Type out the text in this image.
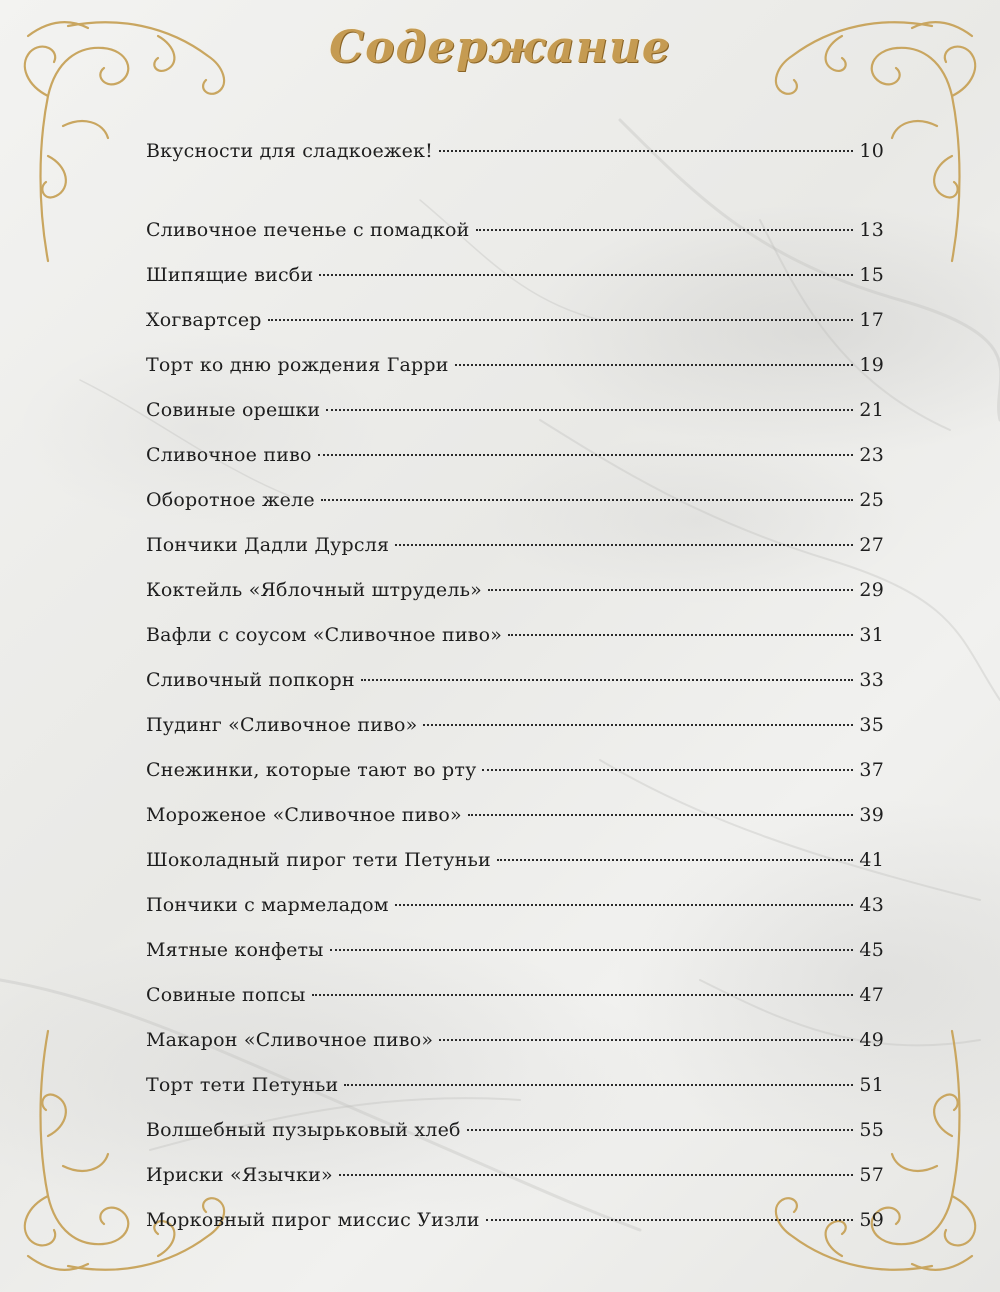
Содержание
Вкусности для сладкоежек!	10
Сливочное печенье с помадкой	13
Шипящие висби	15
Хогвартсер	17
Торт ко дню рождения Гарри	19
Совиные орешки	21
Сливочное пиво	23
Оборотное желе	25
Пончики Дадли Дурсля	27
Коктейль «Яблочный штрудель»	29
Вафли с соусом «Сливочное пиво»	31
Сливочный попкорн	33
Пудинг «Сливочное пиво»	35
Снежинки, которые тают во рту	37
Мороженое «Сливочное пиво»	39
Шоколадный пирог тети Петуньи	41
Пончики с мармеладом	43
Мятные конфеты	45
Совиные попсы	47
Макарон «Сливочное пиво»	49
Торт тети Петуньи	51
Волшебный пузырьковый хлеб	55
Ириски «Язычки»	57
Морковный пирог миссис Уизли	59
